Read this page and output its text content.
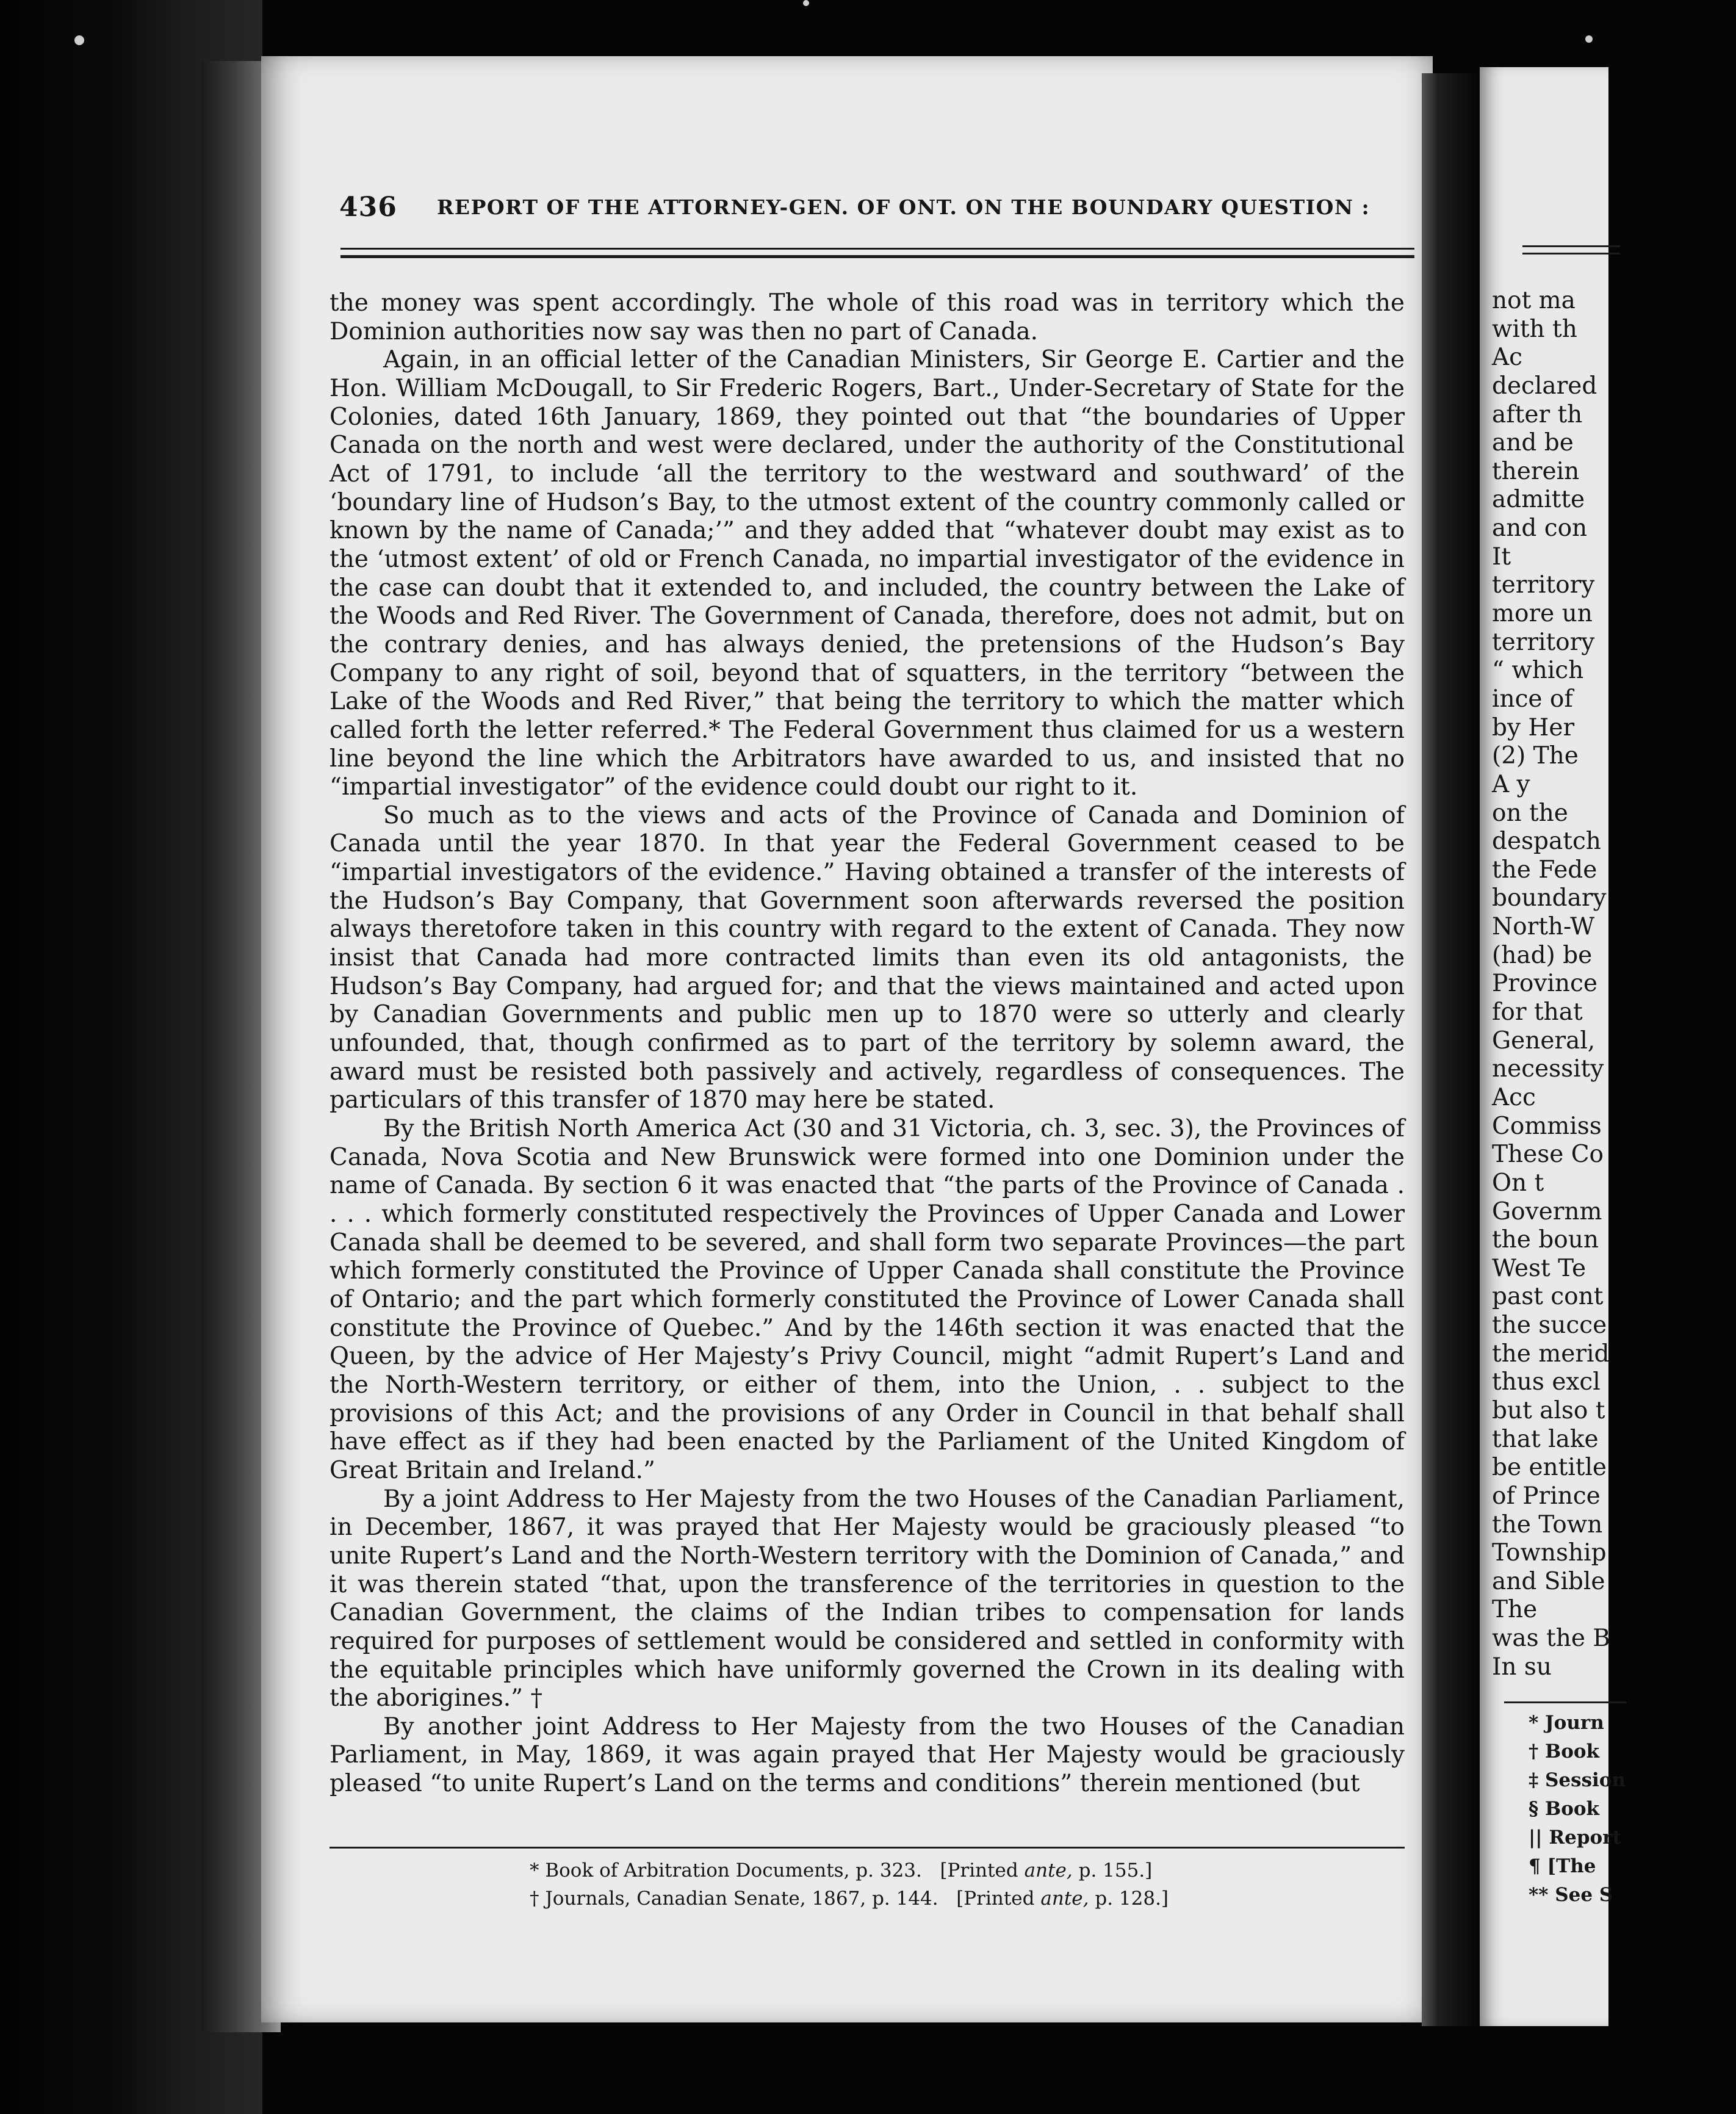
436 REPORT OF THE ATTORNEY-GEN. OF ONT. ON THE BOUNDARY QUESTION :

the money was spent accordingly. The whole of this road was in territory which the Dominion authorities now say was then no part of Canada.

Again, in an official letter of the Canadian Ministers, Sir George E. Cartier and the Hon. William McDougall, to Sir Frederic Rogers, Bart., Under-Secretary of State for the Colonies, dated 16th January, 1869, they pointed out that “the boundaries of Upper Canada on the north and west were declared, under the authority of the Constitutional Act of 1791, to include ‘all the territory to the westward and southward’ of the ‘boundary line of Hudson’s Bay, to the utmost extent of the country commonly called or known by the name of Canada;’” and they added that “whatever doubt may exist as to the ‘utmost extent’ of old or French Canada, no impartial investigator of the evidence in the case can doubt that it extended to, and included, the country between the Lake of the Woods and Red River. The Government of Canada, therefore, does not admit, but on the contrary denies, and has always denied, the pretensions of the Hudson’s Bay Company to any right of soil, beyond that of squatters, in the territory “between the Lake of the Woods and Red River,” that being the territory to which the matter which called forth the letter referred.* The Federal Government thus claimed for us a western line beyond the line which the Arbitrators have awarded to us, and insisted that no “impartial investigator” of the evidence could doubt our right to it.

So much as to the views and acts of the Province of Canada and Dominion of Canada until the year 1870. In that year the Federal Government ceased to be “impartial investigators of the evidence.” Having obtained a transfer of the interests of the Hudson’s Bay Company, that Government soon afterwards reversed the position always theretofore taken in this country with regard to the extent of Canada. They now insist that Canada had more contracted limits than even its old antagonists, the Hudson’s Bay Company, had argued for; and that the views maintained and acted upon by Canadian Governments and public men up to 1870 were so utterly and clearly unfounded, that, though confirmed as to part of the territory by solemn award, the award must be resisted both passively and actively, regardless of consequences. The particulars of this transfer of 1870 may here be stated.

By the British North America Act (30 and 31 Victoria, ch. 3, sec. 3), the Provinces of Canada, Nova Scotia and New Brunswick were formed into one Dominion under the name of Canada. By section 6 it was enacted that “the parts of the Province of Canada . . . . which formerly constituted respectively the Provinces of Upper Canada and Lower Canada shall be deemed to be severed, and shall form two separate Provinces—the part which formerly constituted the Province of Upper Canada shall constitute the Province of Ontario; and the part which formerly constituted the Province of Lower Canada shall constitute the Province of Quebec.” And by the 146th section it was enacted that the Queen, by the advice of Her Majesty’s Privy Council, might “admit Rupert’s Land and the North-Western territory, or either of them, into the Union, . . subject to the provisions of this Act; and the provisions of any Order in Council in that behalf shall have effect as if they had been enacted by the Parliament of the United Kingdom of Great Britain and Ireland.”

By a joint Address to Her Majesty from the two Houses of the Canadian Parliament, in December, 1867, it was prayed that Her Majesty would be graciously pleased “to unite Rupert’s Land and the North-Western territory with the Dominion of Canada,” and it was therein stated “that, upon the transference of the territories in question to the Canadian Government, the claims of the Indian tribes to compensation for lands required for purposes of settlement would be considered and settled in conformity with the equitable principles which have uniformly governed the Crown in its dealing with the aborigines.” †

By another joint Address to Her Majesty from the two Houses of the Canadian Parliament, in May, 1869, it was again prayed that Her Majesty would be graciously pleased “to unite Rupert’s Land on the terms and conditions” therein mentioned (but

* Book of Arbitration Documents, p. 323. [Printed ante, p. 155.]
† Journals, Canadian Senate, 1867, p. 144. [Printed ante, p. 128.]
not ma
with th
Ac
declared
after th
and be
therein
admitte
and con
It
territory
more un
territory
“ which
ince of
by Her
(2) The
A y
on the
despatch
the Fede
boundary
North-W
(had) be
Province
for that
General,
necessity
Acc
Commiss
These Co
On t
Governm
the boun
West Te
past cont
the succe
the merid
thus excl
but also t
that lake
be entitle
of Prince
the Town
Township
and Sible
The
was the B
In su
* Journ
† Book
‡ Session
§ Book
|| Report
¶ [The
** See S
